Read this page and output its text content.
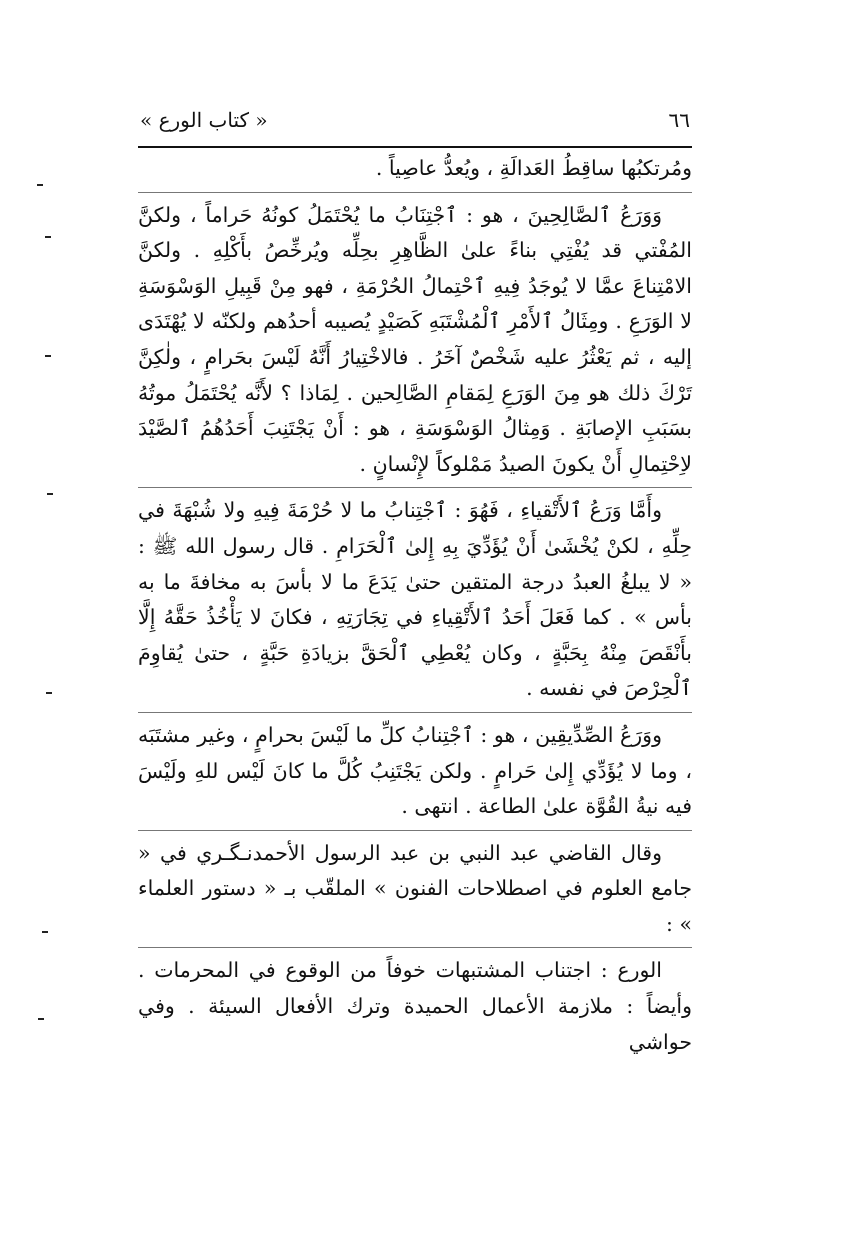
٦٦
« كتاب الورع »

ومُرتكبُها ساقِطُ العَدالَةِ ، ويُعدُّ عاصِياً .

وَوَرَعُ ٱلصَّالِحِينَ ، هو : ٱجْتِنَابُ ما يُحْتَمَلُ كونُهُ حَراماً ، ولكنَّ المُفْتي قد يُفْتِي بناءً علىٰ الظَّاهِرِ بحِلِّه ويُرخِّصُ بأَكْلِهِ . ولكنَّ الامْتِناعَ عمَّا لا يُوجَدُ فِيهِ ٱحْتِمالُ الحُرْمَةِ ، فهو مِنْ قَبِيلِ الوَسْوَسَةِ لا الوَرَعِ . ومِثَالُ ٱلأَمْرِ ٱلْمُشْتَبَهِ كَصَيْدٍ يُصيبه أحدُهم ولكنّه لا يُهْتَدَى إليه ، ثم يَعْثُرُ عليه شَخْصٌ آخَرُ . فالاخْتِيارُ أَنَّهُ لَيْسَ بحَرامٍ ، ولٰكِنَّ تَرْكَ ذلك هو مِنَ الوَرَعِ لِمَقامِ الصَّالِحين . لِمَاذا ؟ لأَنَّه يُحْتَمَلُ موتُهُ بسَبَبِ الإصابَةِ . وَمِثالُ الوَسْوَسَةِ ، هو : أَنْ يَجْتَنِبَ أَحَدُهُمُ ٱلصَّيْدَ لاِحْتِمالِ أَنْ يكونَ الصيدُ مَمْلوكاً لإِنْسانٍ .

وأَمَّا وَرَعُ ٱلأَتْقياءِ ، فَهُوَ : ٱجْتِنابُ ما لا حُرْمَةَ فِيهِ ولا شُبْهَةَ في حِلِّهِ ، لكنْ يُخْشَىٰ أَنْ يُؤَدِّيَ بِهِ إِلىٰ ٱلْحَرَامِ . قال رسول الله ﷺ : « لا يبلغُ العبدُ درجة المتقين حتىٰ يَدَعَ ما لا بأسَ به مخافةَ ما به بأس » . كما فَعَلَ أَحَدُ ٱلأَتْقِياءِ في تِجَارَتِهِ ، فكانَ لا يَأْخُذُ حَقَّهُ إِلَّا بأَنْقَصَ مِنْهُ بِحَبَّةٍ ، وكان يُعْطِي ٱلْحَقَّ بزيادَةِ حَبَّةٍ ، حتىٰ يُقاوِمَ ٱلْحِرْصَ في نفسه .

ووَرَعُ الصِّدِّيقِين ، هو : ٱجْتِنابُ كلِّ ما لَيْسَ بحرامٍ ، وغير مشتَبَه ، وما لا يُؤَدِّي إِلىٰ حَرامٍ . ولكن يَجْتَنِبُ كُلَّ ما كانَ لَيْس للهِ ولَيْسَ فيه نيةُ القُوَّة علىٰ الطاعة . انتهى .

وقال القاضي عبد النبي بن عبد الرسول الأحمدنـگـري في « جامع العلوم في اصطلاحات الفنون » الملقّب بـ « دستور العلماء » :

الورع : اجتناب المشتبهات خوفاً من الوقوع في المحرمات . وأيضاً : ملازمة الأعمال الحميدة وترك الأفعال السيئة . وفي حواشي
